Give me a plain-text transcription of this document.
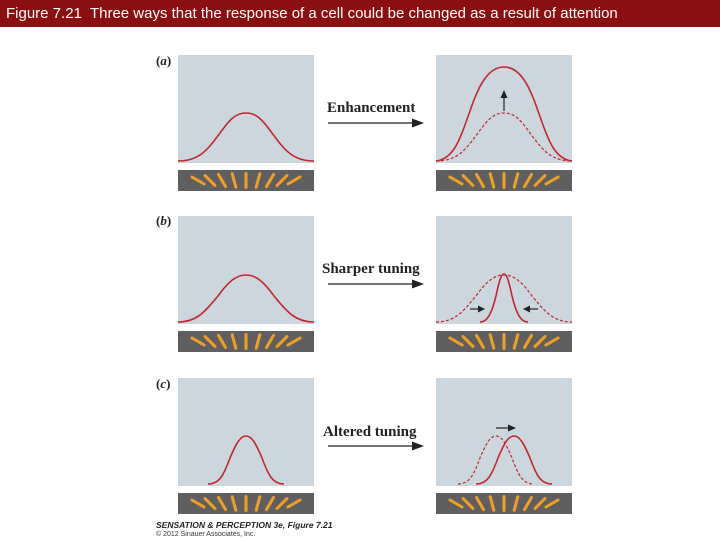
Figure 7.21  Three ways that the response of a cell could be changed as a result of attention
(a)
Enhancement
(b)
Sharper tuning
(c)
Altered tuning
SENSATION & PERCEPTION 3e, Figure 7.21
© 2012 Sinauer Associates, Inc.
